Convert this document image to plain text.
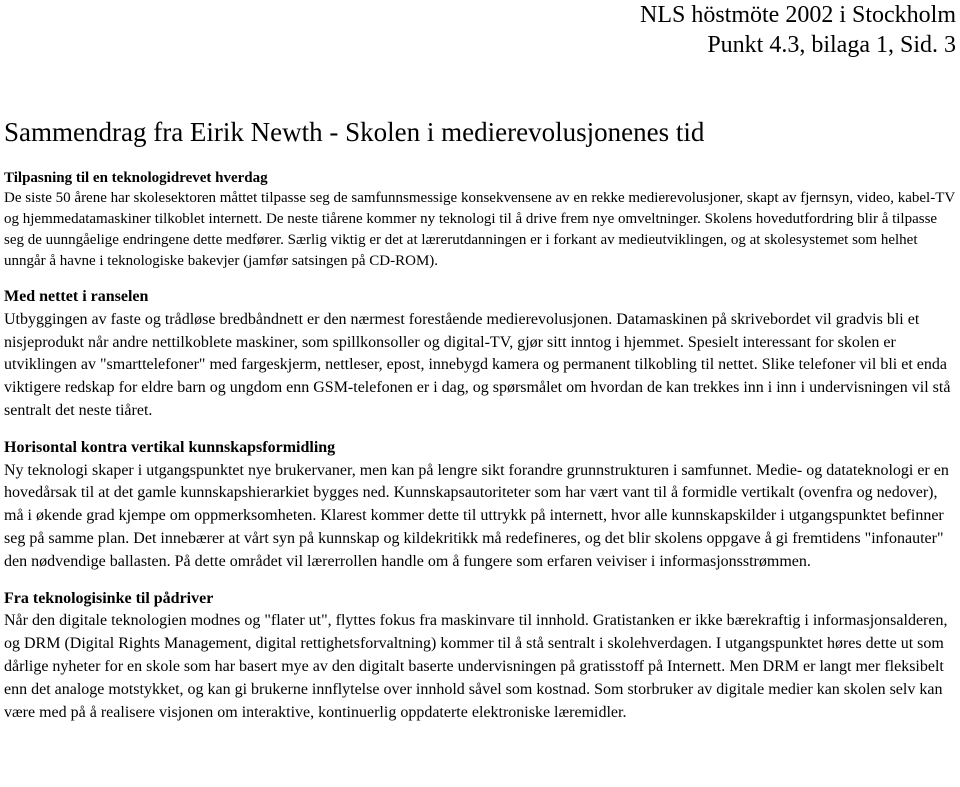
NLS höstmöte 2002 i Stockholm
Punkt 4.3, bilaga 1, Sid. 3
Sammendrag fra Eirik Newth - Skolen i medierevolusjonenes tid
Tilpasning til en teknologidrevet hverdag

De siste 50 årene har skolesektoren måttet tilpasse seg de samfunnsmessige konsekvensene av en rekke medierevolusjoner, skapt av fjernsyn, video, kabel-TV og hjemmedatamaskiner tilkoblet internett. De neste tiårene kommer ny teknologi til å drive frem nye omveltninger. Skolens hovedutfordring blir å tilpasse seg de uunngåelige endringene dette medfører. Særlig viktig er det at lærerutdanningen er i forkant av medieutviklingen, og at skolesystemet som helhet unngår å havne i teknologiske bakevjer (jamfør satsingen på CD-ROM).

Med nettet i ranselen

Utbyggingen av faste og trådløse bredbåndnett er den nærmest forestående medierevolusjonen. Datamaskinen på skrivebordet vil gradvis bli et nisjeprodukt når andre nettilkoblete maskiner, som spillkonsoller og digital-TV, gjør sitt inntog i hjemmet. Spesielt interessant for skolen er utviklingen av "smarttelefoner" med fargeskjerm, nettleser, epost, innebygd kamera og permanent tilkobling til nettet. Slike telefoner vil bli et enda viktigere redskap for eldre barn og ungdom enn GSM-telefonen er i dag, og spørsmålet om hvordan de kan trekkes inn i inn i undervisningen vil stå sentralt det neste tiåret.

Horisontal kontra vertikal kunnskapsformidling

Ny teknologi skaper i utgangspunktet nye brukervaner, men kan på lengre sikt forandre grunnstrukturen i samfunnet. Medie- og datateknologi er en hovedårsak til at det gamle kunnskapshierarkiet bygges ned. Kunnskapsautoriteter som har vært vant til å formidle vertikalt (ovenfra og nedover), må i økende grad kjempe om oppmerksomheten. Klarest kommer dette til uttrykk på internett, hvor alle kunnskapskilder i utgangspunktet befinner seg på samme plan. Det innebærer at vårt syn på kunnskap og kildekritikk må redefineres, og det blir skolens oppgave å gi fremtidens "infonauter" den nødvendige ballasten. På dette området vil lærerrollen handle om å fungere som erfaren veiviser i informasjonsstrømmen.

Fra teknologisinke til pådriver

Når den digitale teknologien modnes og "flater ut", flyttes fokus fra maskinvare til innhold. Gratistanken er ikke bærekraftig i informasjonsalderen, og DRM (Digital Rights Management, digital rettighetsforvaltning) kommer til å stå sentralt i skolehverdagen. I utgangspunktet høres dette ut som dårlige nyheter for en skole som har basert mye av den digitalt baserte undervisningen på gratisstoff på Internett. Men DRM er langt mer fleksibelt enn det analoge motstykket, og kan gi brukerne innflytelse over innhold såvel som kostnad. Som storbruker av digitale medier kan skolen selv kan være med på å realisere visjonen om interaktive, kontinuerlig oppdaterte elektroniske læremidler.
